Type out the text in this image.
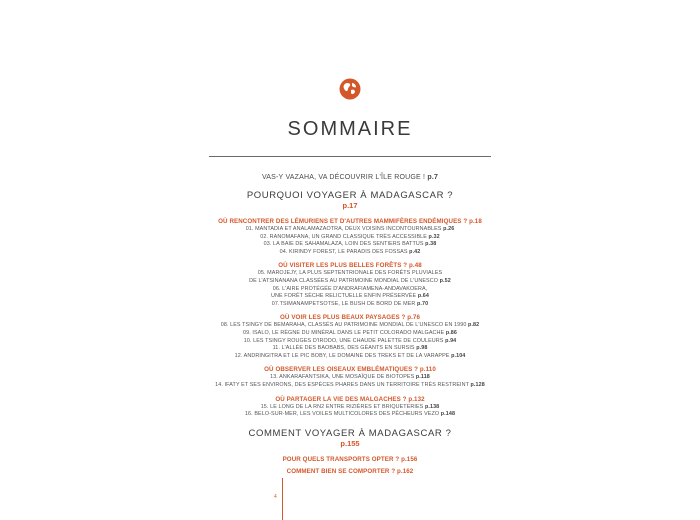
SOMMAIRE

VAS-Y VAZAHA, VA DÉCOUVRIR L'ÎLE ROUGE ! p.7

POURQUOI VOYAGER À MADAGASCAR ?

p.17

OÙ RENCONTRER DES LÉMURIENS ET D'AUTRES MAMMIFÈRES ENDÉMIQUES ? p.18

01. MANTADIA ET ANALAMAZAOTRA, DEUX VOISINS INCONTOURNABLES p.26

02. RANOMAFANA, UN GRAND CLASSIQUE TRÈS ACCESSIBLE p.32

03. LA BAIE DE SAHAMALAZA, LOIN DES SENTIERS BATTUS p.38

04. KIRINDY FOREST, LE PARADIS DES FOSSAS p.42

OÙ VISITER LES PLUS BELLES FORÊTS ? p.48

05. MAROJEJY, LA PLUS SEPTENTRIONALE DES FORÊTS PLUVIALES

DE L'ATSINANANA CLASSÉES AU PATRIMOINE MONDIAL DE L'UNESCO p.52

06. L'AIRE PROTÉGÉE D'ANDRAFIAMENA-ANDAVAKOERA,

UNE FORÊT SÈCHE RELICTUELLE ENFIN PRÉSERVÉE p.64

07.TSIMANAMPETSOTSE, LE BUSH DE BORD DE MER p.70

OÙ VOIR LES PLUS BEAUX PAYSAGES ? p.76

08. LES TSINGY DE BEMARAHA, CLASSÉS AU PATRIMOINE MONDIAL DE L'UNESCO EN 1990 p.82

09. ISALO, LE RÈGNE DU MINÉRAL DANS LE PETIT COLORADO MALGACHE p.86

10. LES TSINGY ROUGES D'IRODO, UNE CHAUDE PALETTE DE COULEURS p.94

11. L'ALLÉE DES BAOBABS, DES GÉANTS EN SURSIS p.98

12. ANDRINGITRA ET LE PIC BOBY, LE DOMAINE DES TREKS ET DE LA VARAPPE p.104

OÙ OBSERVER LES OISEAUX EMBLÉMATIQUES ? p.110

13. ANKARAFANTSIKA, UNE MOSAÏQUE DE BIOTOPES p.118

14. IFATY ET SES ENVIRONS, DES ESPÈCES PHARES DANS UN TERRITOIRE TRÈS RESTREINT p.128

OÙ PARTAGER LA VIE DES MALGACHES ? p.132

15. LE LONG DE LA RN2 ENTRE RIZIÈRES ET BRIQUETERIES p.138

16. BELO-SUR-MER, LES VOILES MULTICOLORES DES PÊCHEURS VEZO p.148

COMMENT VOYAGER À MADAGASCAR ?

p.155

POUR QUELS TRANSPORTS OPTER ? p.156

COMMENT BIEN SE COMPORTER ? p.162

4
